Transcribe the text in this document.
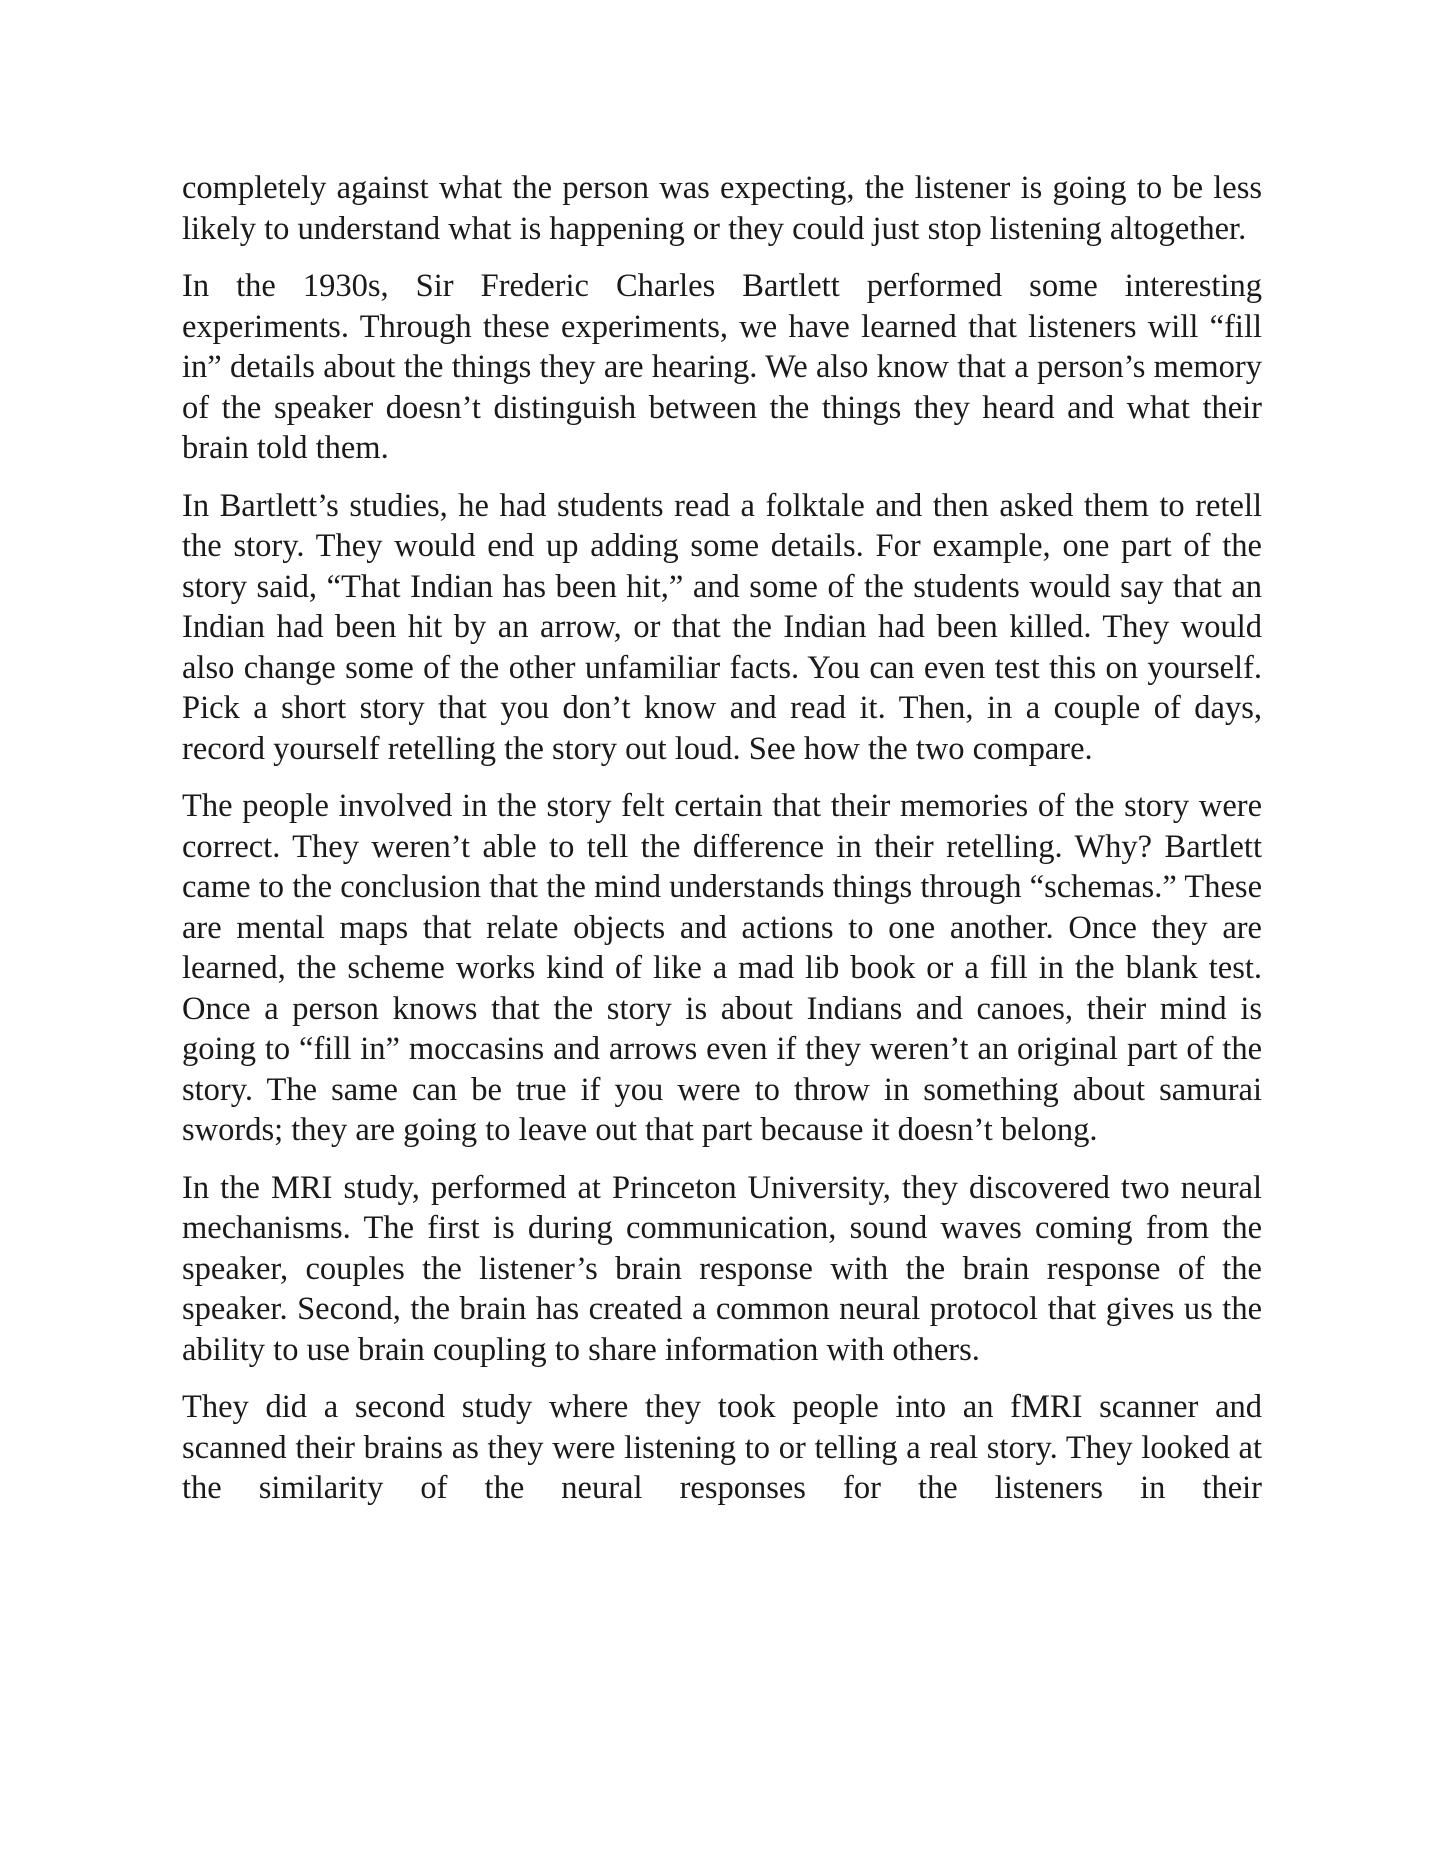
completely against what the person was expecting, the listener is going to be less likely to understand what is happening or they could just stop listening altogether.

In the 1930s, Sir Frederic Charles Bartlett performed some interesting experiments. Through these experiments, we have learned that listeners will “fill in” details about the things they are hearing. We also know that a person’s memory of the speaker doesn’t distinguish between the things they heard and what their brain told them.

In Bartlett’s studies, he had students read a folktale and then asked them to retell the story. They would end up adding some details. For example, one part of the story said, “That Indian has been hit,” and some of the students would say that an Indian had been hit by an arrow, or that the Indian had been killed. They would also change some of the other unfamiliar facts. You can even test this on yourself. Pick a short story that you don’t know and read it. Then, in a couple of days, record yourself retelling the story out loud. See how the two compare.

The people involved in the story felt certain that their memories of the story were correct. They weren’t able to tell the difference in their retelling. Why? Bartlett came to the conclusion that the mind understands things through “schemas.” These are mental maps that relate objects and actions to one another. Once they are learned, the scheme works kind of like a mad lib book or a fill in the blank test. Once a person knows that the story is about Indians and canoes, their mind is going to “fill in” moccasins and arrows even if they weren’t an original part of the story. The same can be true if you were to throw in something about samurai swords; they are going to leave out that part because it doesn’t belong.

In the MRI study, performed at Princeton University, they discovered two neural mechanisms. The first is during communication, sound waves coming from the speaker, couples the listener’s brain response with the brain response of the speaker. Second, the brain has created a common neural protocol that gives us the ability to use brain coupling to share information with others.

They did a second study where they took people into an fMRI scanner and scanned their brains as they were listening to or telling a real story. They looked at the similarity of the neural responses for the listeners in their
